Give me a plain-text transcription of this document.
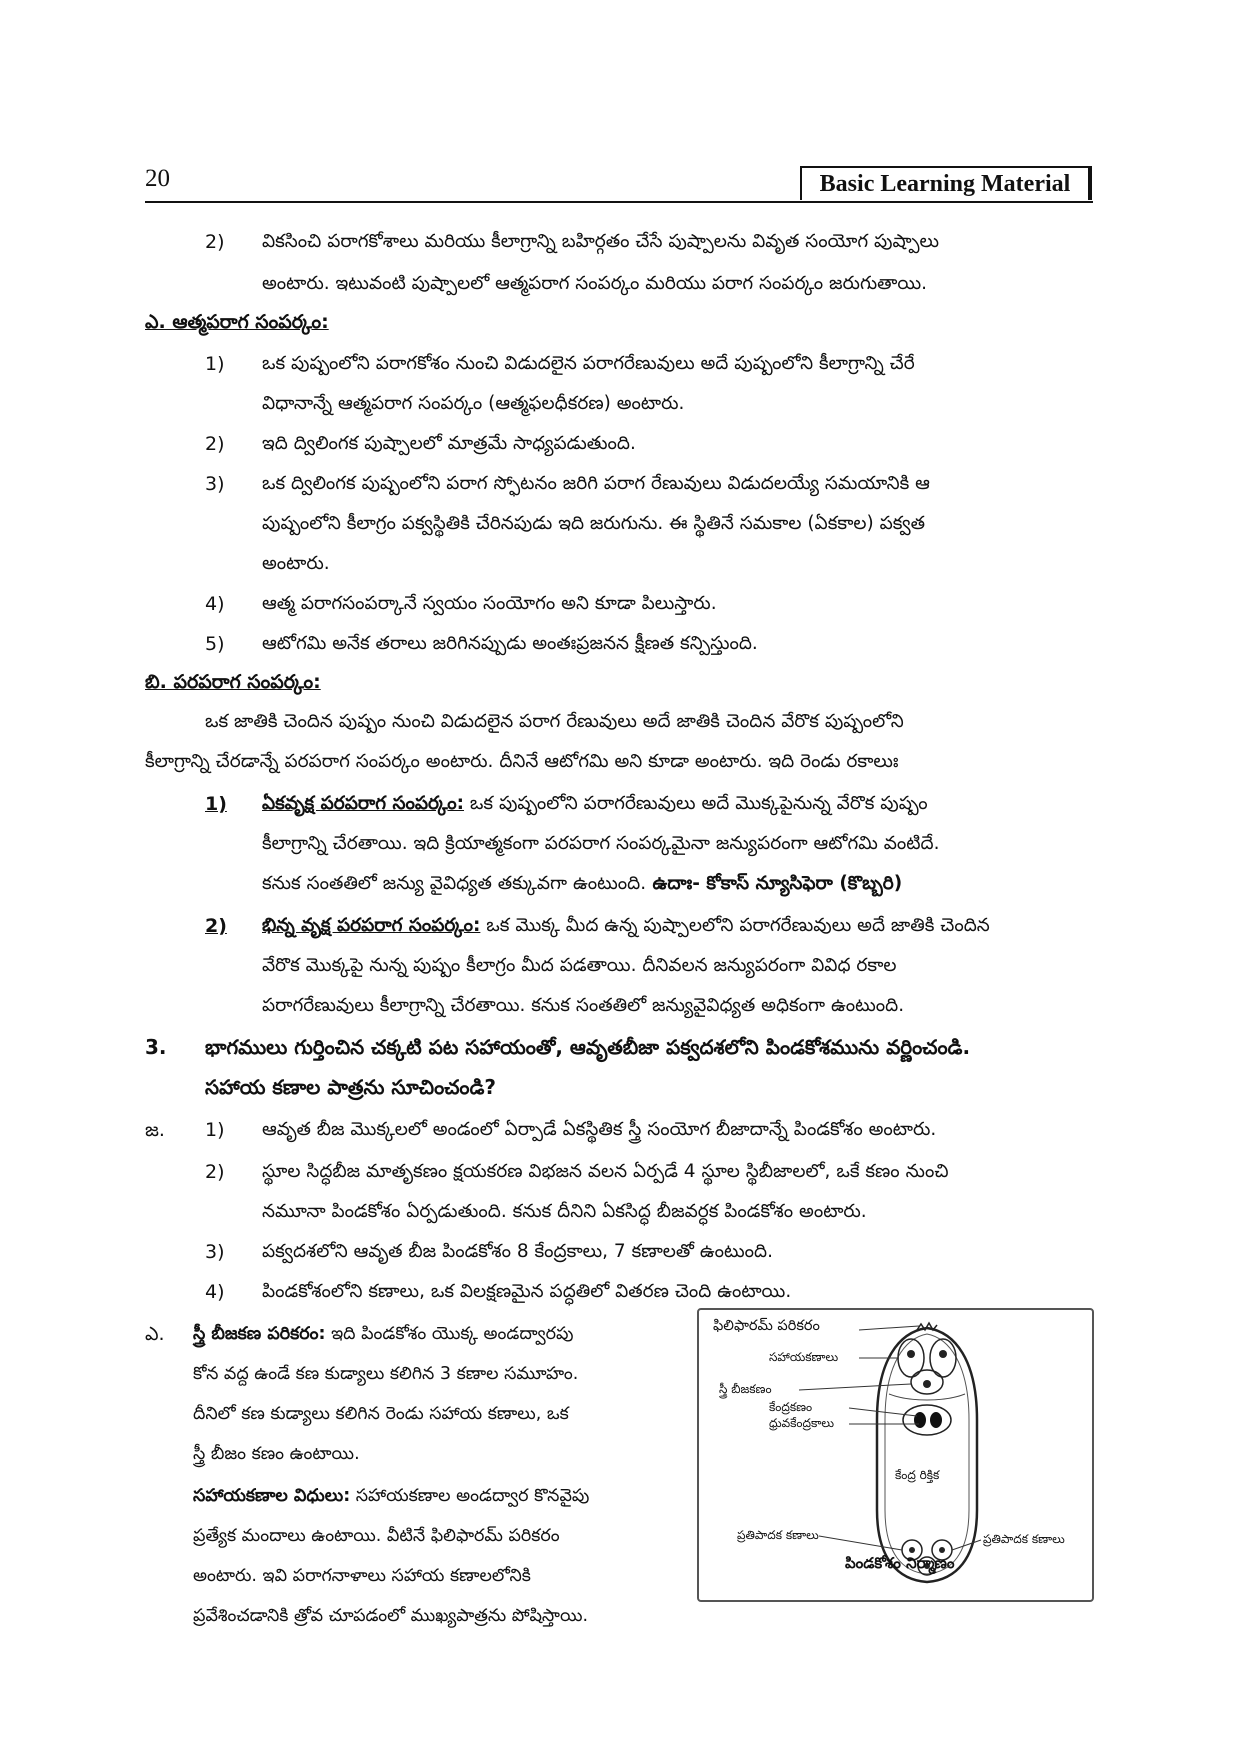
20	Basic Learning Material
2) వికసించి పరాగకోశాలు మరియు కీలాగ్రాన్ని బహిర్గతం చేసే పుష్పాలను వివృత సంయోగ పుష్పాలు
అంటారు. ఇటువంటి పుష్పాలలో ఆత్మపరాగ సంపర్కం మరియు పరాగ సంపర్కం జరుగుతాయి.
ఎ. ఆత్మపరాగ సంపర్కం:
1) ఒక పుష్పంలోని పరాగకోశం నుంచి విడుదలైన పరాగరేణువులు అదే పుష్పంలోని కీలాగ్రాన్ని చేరే
విధానాన్నే ఆత్మపరాగ సంపర్కం (ఆత్మఫలధీకరణ) అంటారు.
2) ఇది ద్విలింగక పుష్పాలలో మాత్రమే సాధ్యపడుతుంది.
3) ఒక ద్విలింగక పుష్పంలోని పరాగ స్ఫోటనం జరిగి పరాగ రేణువులు విడుదలయ్యే సమయానికి ఆ
పుష్పంలోని కీలాగ్రం పక్వస్థితికి చేరినపుడు ఇది జరుగును. ఈ స్థితినే సమకాల (ఏకకాల) పక్వత
అంటారు.
4) ఆత్మ పరాగసంపర్కానే స్వయం సంయోగం అని కూడా పిలుస్తారు.
5) ఆటోగమి అనేక తరాలు జరిగినప్పుడు అంతఃప్రజనన క్షీణత కన్పిస్తుంది.
బి. పరపరాగ సంపర్కం:
ఒక జాతికి చెందిన పుష్పం నుంచి విడుదలైన పరాగ రేణువులు అదే జాతికి చెందిన వేరొక పుష్పంలోని
కీలాగ్రాన్ని చేరడాన్నే పరపరాగ సంపర్కం అంటారు. దీనినే ఆటోగమి అని కూడా అంటారు. ఇది రెండు రకాలుః
1) ఏకవృక్ష పరపరాగ సంపర్కం: ఒక పుష్పంలోని పరాగరేణువులు అదే మొక్కపైనున్న వేరొక పుష్పం
కీలాగ్రాన్ని చేరతాయి. ఇది క్రియాత్మకంగా పరపరాగ సంపర్కమైనా జన్యుపరంగా ఆటోగమి వంటిదే.
కనుక సంతతిలో జన్యు వైవిధ్యత తక్కువగా ఉంటుంది. ఉదాః- కోకాస్ న్యూసిఫెరా (కొబ్బరి)
2) భిన్న వృక్ష పరపరాగ సంపర్కం: ఒక మొక్క మీద ఉన్న పుష్పాలలోని పరాగరేణువులు అదే జాతికి చెందిన
వేరొక మొక్కపై నున్న పుష్పం కీలాగ్రం మీద పడతాయి. దీనివలన జన్యుపరంగా వివిధ రకాల
పరాగరేణువులు కీలాగ్రాన్ని చేరతాయి. కనుక సంతతిలో జన్యువైవిధ్యత అధికంగా ఉంటుంది.
3. భాగములు గుర్తించిన చక్కటి పట సహాయంతో, ఆవృతబీజా పక్వదశలోని పిండకోశమును వర్ణించండి.
సహాయ కణాల పాత్రను సూచించండి?
జ. 1) ఆవృత బీజ మొక్కలలో అండంలో ఏర్పాడే ఏకస్థితిక స్త్రీ సంయోగ బీజాదాన్నే పిండకోశం అంటారు.
2) స్థూల సిద్ధబీజ మాతృకణం క్షయకరణ విభజన వలన ఏర్పడే 4 స్థూల స్థిబీజాలలో, ఒకే కణం నుంచి
నమూనా పిండకోశం ఏర్పడుతుంది. కనుక దీనిని ఏకసిద్ధ బీజవర్ధక పిండకోశం అంటారు.
3) పక్వదశలోని ఆవృత బీజ పిండకోశం 8 కేంద్రకాలు, 7 కణాలతో ఉంటుంది.
4) పిండకోశంలోని కణాలు, ఒక విలక్షణమైన పద్ధతిలో వితరణ చెంది ఉంటాయి.
ఎ. స్త్రీ బీజకణ పరికరం: ఇది పిండకోశం యొక్క అండద్వారపు
కోన వద్ద ఉండే కణ కుడ్యాలు కలిగిన 3 కణాల సమూహం.
దీనిలో కణ కుడ్యాలు కలిగిన రెండు సహాయ కణాలు, ఒక
స్త్రీ బీజం కణం ఉంటాయి.
సహాయకణాల విధులు: సహాయకణాల అండద్వార కొనవైపు
ప్రత్యేక మందాలు ఉంటాయి. వీటినే ఫిలిఫారమ్ పరికరం
అంటారు. ఇవి పరాగనాళాలు సహాయ కణాలలోనికి
ప్రవేశించడానికి త్రోవ చూపడంలో ముఖ్యపాత్రను పోషిస్తాయి.
ఫిలిఫారమ్ పరికరం
సహాయకణాలు
స్త్రీ బీజకణం
కేంద్రకణం
ధ్రువకేంద్రకాలు
కేంద్ర రిక్తిక
ప్రతిపాదక కణాలు	ప్రతిపాదక కణాలు
పిండకోశం నిర్మాణం
